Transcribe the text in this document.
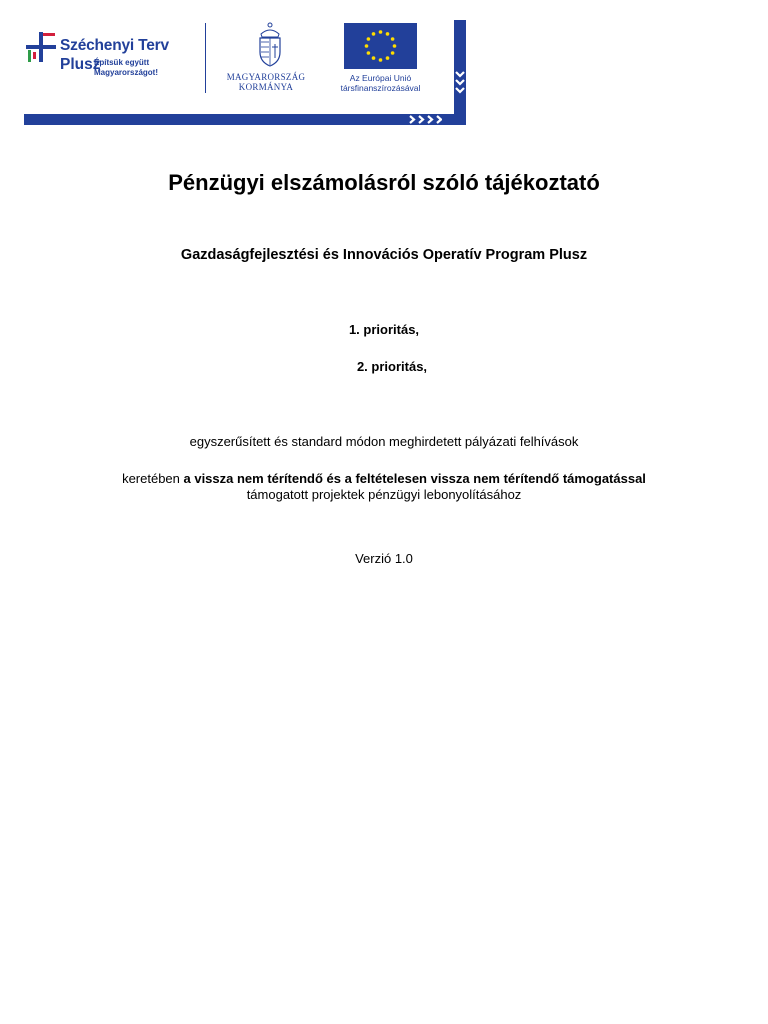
Széchenyi Terv
Plusz
Építsük együtt
Magyarországot!	MAGYARORSZÁG
KORMÁNYA
Az Európai Unió
társfinanszírozásával
Pénzügyi elszámolásról szóló tájékoztató
Gazdaságfejlesztési és Innovációs Operatív Program Plusz
1. prioritás,
2. prioritás,
egyszerűsített és standard módon meghirdetett pályázati felhívások
keretében a vissza nem térítendő és a feltételesen vissza nem térítendő támogatással
támogatott projektek pénzügyi lebonyolításához
Verzió 1.0
